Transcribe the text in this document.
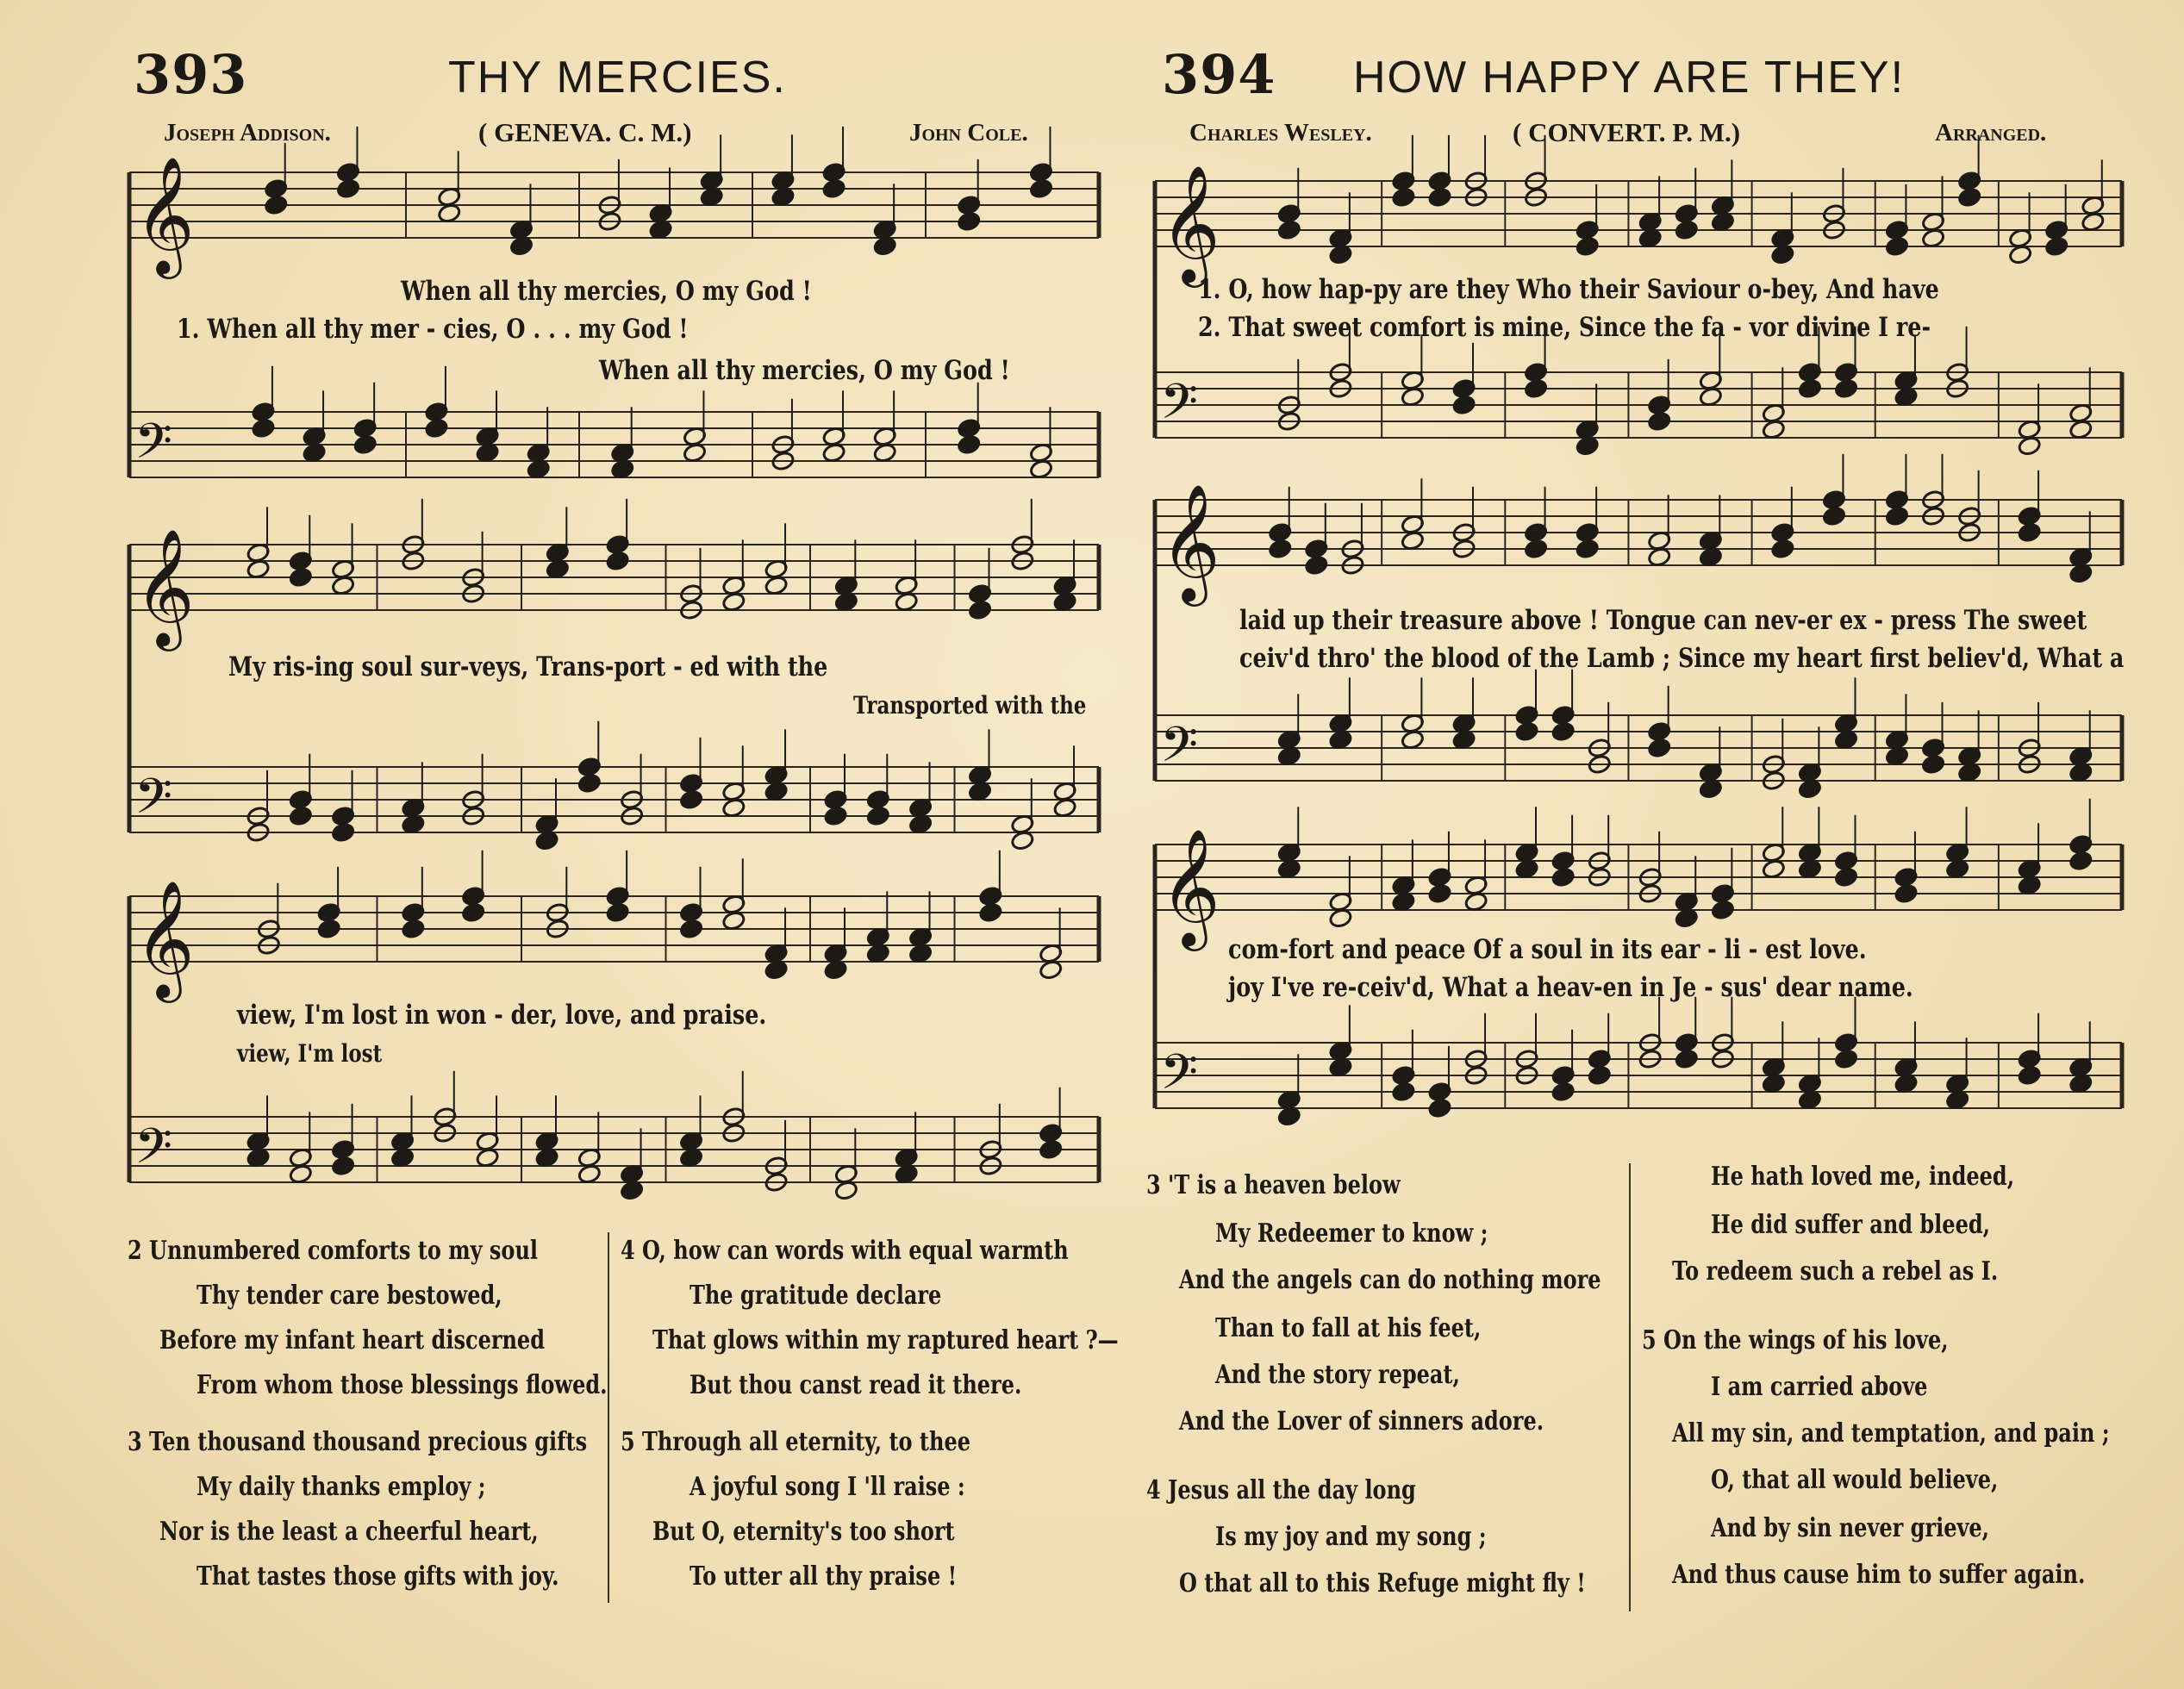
393	THY MERCIES.
Joseph Addison.	( GENEVA. C. M.)	John Cole.
𝄞
𝄢
𝄞
𝄢
𝄞
𝄢
When all thy mercies, O my God !
1. When all thy mer - cies, O . . . my God !
When all thy mercies, O my God !
My ris-ing soul sur-veys, Trans-port - ed with the
Transported with the
view, I'm lost in won - der, love, and praise.
view, I'm lost
2 Unnumbered comforts to my soul
Thy tender care bestowed,
Before my infant heart discerned
From whom those blessings flowed.
3 Ten thousand thousand precious gifts
My daily thanks employ ;
Nor is the least a cheerful heart,
That tastes those gifts with joy.
4 O, how can words with equal warmth
The gratitude declare
That glows within my raptured heart ?—
But thou canst read it there.
5 Through all eternity, to thee
A joyful song I 'll raise :
But O, eternity's too short
To utter all thy praise !
394 HOW HAPPY ARE THEY!
Charles Wesley.	( CONVERT. P. M.)	Arranged.
𝄞
𝄢
𝄞
𝄢
𝄞
𝄢
1. O, how hap-py are they Who their Saviour o-bey, And have
2. That sweet comfort is mine, Since the fa - vor divine I re-
laid up their treasure above ! Tongue can nev-er ex - press The sweet
ceiv'd thro' the blood of the Lamb ; Since my heart first believ'd, What a
com-fort and peace Of a soul in its ear - li - est love.
joy I've re-ceiv'd, What a heav-en in Je - sus' dear name.
3 'T is a heaven below
My Redeemer to know ;
And the angels can do nothing more
Than to fall at his feet,
And the story repeat,
And the Lover of sinners adore.
4 Jesus all the day long
Is my joy and my song ;
O that all to this Refuge might fly !
He hath loved me, indeed,
He did suffer and bleed,
To redeem such a rebel as I.
5 On the wings of his love,
I am carried above
All my sin, and temptation, and pain ;
O, that all would believe,
And by sin never grieve,
And thus cause him to suffer again.
